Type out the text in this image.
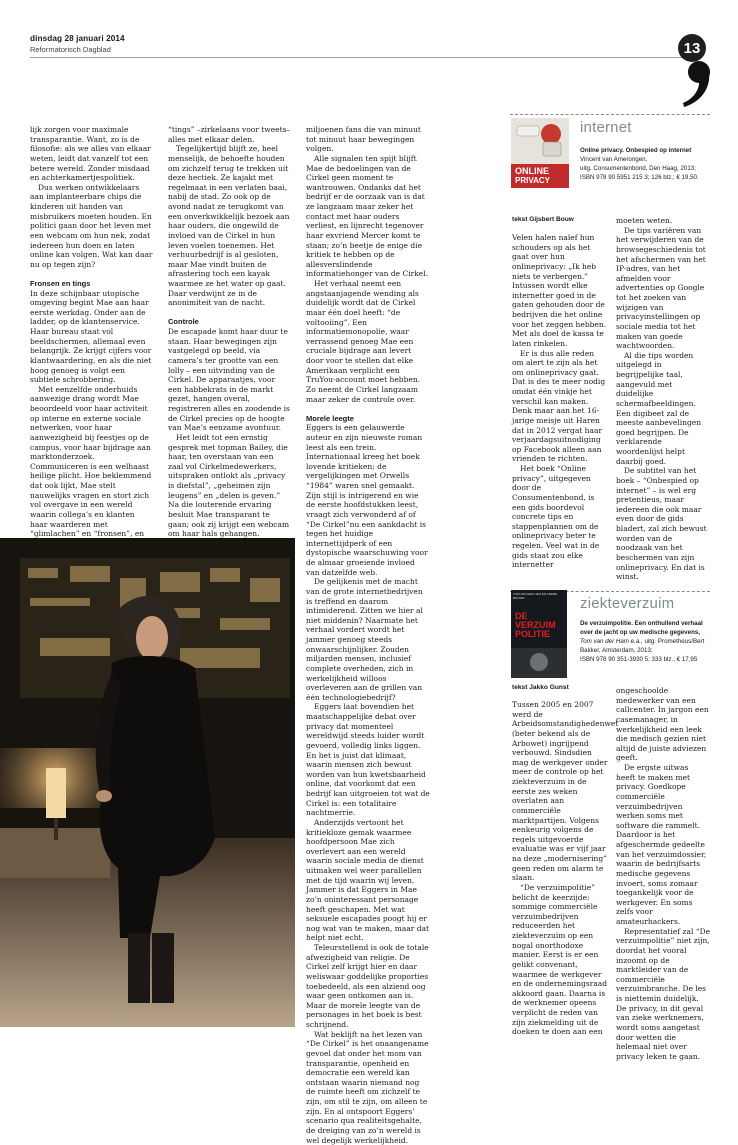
dinsdag 28 januari 2014
Reformatorisch Dagblad	13

lijk zorgen voor maximale transparantie. Want, zo is de filosofie: als we alles van elkaar weten, leidt dat vanzelf tot een betere wereld. Zonder misdaad en achterkamertjespolitiek.

Dus werken ontwikkelaars aan implanteerbare chips die kinderen uit handen van misbruikers moeten houden. En politici gaan door het leven met een webcam om hun nek, zodat iedereen hun doen en laten online kan volgen. Wat kan daar nu op tegen zijn?

Fronsen en tings

In deze schijnbaar utopische omgeving begint Mae aan haar eerste werkdag. Onder aan de ladder, op de klantenservice. Haar bureau staat vol beeldschermen, allemaal even belangrijk. Ze krijgt cijfers voor klantwaardering, en als die niet hoog genoeg is volgt een subtiele schrobbering.

Met eenzelfde onderhuids aanwezige drang wordt Mae beoordeeld voor haar activiteit op interne en externe sociale netwerken, voor haar aanwezigheid bij feestjes op de campus, voor haar bijdrage aan marktonderzoek. Communiceren is een welhaast heilige plicht. Hoe beklemmend dat ook lijkt, Mae stelt nauwelijks vragen en stort zich vol overgave in een wereld waarin collega’s en klanten haar waarderen met “glimlachen” en “fronsen”, en

“tings” –zirkelaans voor tweets– alles met elkaar delen.

Tegelijkertijd blijft ze, heel menselijk, de behoefte houden om zichzelf terug te trekken uit deze hectiek. Ze kajakt met regelmaat in een verlaten baai, nabij de stad. Zo ook op de avond nadat ze terugkomt van een onverkwikkelijk bezoek aan haar ouders, die ongewild de invloed van de Cirkel in hun leven voelen toenemen. Het verhuurbedrijf is al gesloten, maar Mae vindt buiten de afrastering toch een kayak waarmee ze het water op gaat. Daar verdwijnt ze in de anonimiteit van de nacht.

Controle

De escapade komt haar duur te staan. Haar bewegingen zijn vastgelegd op beeld, via camera’s ter grootte van een lolly – een uitvinding van de Cirkel. De apparaatjes, voor een habbekrats in de markt gezet, hangen overal, registreren alles en zoodende is de Cirkel precies op de hoogte van Mae’s eenzame avontuur.

Het leidt tot een ernstig gesprek met topman Bailey, die haar, ten overstaan van een zaal vol Cirkelmedewerkers, uitspraken ontlokt als „privacy is diefstal”, „geheimen zijn leugens” en „delen is geven.” Na die louterende ervaring besluit Mae transparant te gaan; ook zij krijgt een webcam om haar hals gehangen.

miljoenen fans die van minuut tot minuut haar bewegingen volgen.

Alle signalen ten spijt blijft Mae de bedoelingen van de Cirkel geen moment te wantrouwen. Ondanks dat het bedrijf er de oorzaak van is dat ze langzaam maar zeker het contact met haar ouders verliest, en lijnrecht tegenover haar exvriend Mercer komt te staan; zo’n beetje de enige die kritiek te hebben op de allesverslindende informatiehonger van de Cirkel.

Het verhaal neemt een angstaanjagende wending als duidelijk wordt dat de Cirkel maar één doel heeft: “de voltooiing”. Een informatiemonopolie, waar verrassend genoeg Mae een cruciale bijdrage aan levert door voor te stellen dat elke Amerikaan verplicht een TruYou-account moet hebben. Zo neemt de Cirkel langzaam maar zeker de controle over.

Morele leegte

Eggers is een gelauwerde auteur en zijn nieuwste roman leest als een trein. Internationaal kreeg het boek lovende kritieken; de vergelijkingen met Orwells “1984” waren snel gemaakt. Zijn stijl is intrigerend en wie de eerste hoofdstukken leest, vraagt zich verwonderd af of “De Cirkel”nu een aankdacht is tegen het huidige internettijdperk of een dystopische waarschuwing voor de almaar groeiende invloed van datzelfde web.

De gelijkenis met de macht van de grote internetbedrijven is treffend en daarom intimiderend. Zitten we hier al niet middenin? Naarmate het verhaal vordert wordt het jammer genoeg steeds onwaarschijnlijker. Zouden miljarden mensen, inclusief complete overheden, zich in werkelijkheid willoos overleveren aan de grillen van één technologiebedrijf?

Eggers laat bovendien het maatschappelijke debat over privacy dat momenteel wereldwijd steeds luider wordt gevoerd, volledig links liggen. En het is juist dat klimaat, waarin mensen zich bewust worden van hun kwetsbaarheid online, dat voorkomt dat een bedrijf kan uitgroeien tot wat de Cirkel is: een totalitaire nachtmerrie.

Anderzijds vertoont het kritiekloze gemak waarmee hoofdpersoon Mae zich overlevert aan een wereld waarin sociale media de dienst uitmaken wel weer parallellen met de tijd waarin wij leven. Jammer is dat Eggers in Mae zo’n oninteressant personage heeft geschapen. Met wat seksuele escapades poogt hij er nog wat van te maken, maar dat helpt niet echt.

Teleurstellend is ook de totale afwezigheid van religie. De Cirkel zelf krijgt hier en daar weliswaar goddelijke proporties toebedeeld, als een alziend oog waar geen ontkomen aan is. Maar de morele leegte van de personages in het boek is best schrijnend.

Wat beklijft na het lezen van “De Cirkel” is het onaangename gevoel dat onder het mom van transparantie, openheid en democratie een wereld kan ontstaan waarin niemand nog de ruimte heeft om zichzelf te zijn, om stil te zijn, om alleen te zijn. En al ontspoort Eggers’ scenario qua realiteitsgehalte, de dreiging van zo’n wereld is wel degelijk werkelijkheid.

ONLINE
PRIVACY
internet
Online privacy. Onbespied op internet
Vincent van Amerongen,
uitg. Consumentenbond, Den Haag, 2013;
ISBN 978 90 5951 215 3; 126 blz.; € 19,50.
tekst Gijsbert Bouw

Velen halen naïef hun schouders op als het gaat over hun onlineprivacy: „Ik heb niets te verbergen.” Intussen wordt elke internetter goed in de gaten gehouden door de bedrijven die het online voor het zeggen hebben. Met als doel de kassa te laten rinkelen.

Er is dus alle reden om alert te zijn als het om onlineprivacy gaat. Dat is des te meer nodig omdat één vinkje het verschil kan maken. Denk maar aan het 16-jarige meisje uit Haren dat in 2012 vergat haar verjaardagsuitnodiging op Facebook alleen aan vrienden te richten.

Het boek “Online privacy”, uitgegeven door de Consumentenbond, is een gids boordevol concrete tips en stappenplannen om de onlineprivacy beter te regelen. Veel wat in de gids staat zou elke internetter

moeten weten.

De tips variëren van het verwijderen van de browsegeschiedenis tot het afschermen van het IP-adres, van het afmelden voor advertenties op Google tot het zoeken van wijzigen van privacyinstellingen op sociale media tot het maken van goede wachtwoorden.

Al die tips worden uitgelegd in begrijpelijke taal, aangevuld met duidelijke schermafbeeldingen. Een digibeet zal de meeste aanbevelingen goed begrijpen. De verklarende woordenlijst helpt daarbij goed.

De subtitel van het boek – “Onbespied op internet” – is wel erg pretentieus, maar iedereen die ook maar even door de gids bladert, zal zich bewust worden van de noodzaak van het beschermen van zijn onlineprivacy. En dat is winst.

TOM VAN DER HAM EN ANDRE BOUWS
DE VERZUIM POLITIE
ziekteverzuim
De verzuimpolitie. Een onthullend verhaal over de jacht op uw medische gegevens, Tom van der Ham e.a., uitg. Prometheus/Bert Bakker, Amsterdam, 2013;
ISBN 978 90 351-3930 5; 333 blz.; € 17,95
tekst Jakko Gunst

Tussen 2005 en 2007 werd de Arbeidsomstandighedenwet (beter bekend als de Arbowet) ingrijpend verbouwd. Sindsdien mag de werkgever onder meer de controle op het ziekteverzuim in de eerste zes weken overlaten aan commerciële marktpartijen. Volgens eenkeurig volgens de regels uitgevoerde evaluatie was er vijf jaar na deze „modernisering” geen reden om alarm te slaan.

“De verzuimpolitie” belicht de keerzijde: sommige commerciële verzuimbedrijven reduceerden het ziekteverzuim op een nogal onorthodoxe manier. Eerst is er een gelikt convenant, waarmee de werkgever en de ondernemingsraad akkoord gaan. Daarna is de werknemer opeens verplicht de reden van zijn ziekmelding uit de doeken te doen aan een

ongeschoolde medewerker van een callcenter. In jargon een casemanager, in werkelijkheid een leek die medisch gezien niet altijd de juiste adviezen geeft.

De ergste uitwas heeft te maken met privacy. Goedkope commerciële verzuimbedrijven werken soms met software die rammelt. Daardoor is het afgeschermde gedeelte van het verzuimdossier, waarin de bedrijfsarts medische gegevens invoert, soms zomaar toegankelijk voor de werkgever. En soms zelfs voor amateurhackers.

Representatief zal “De verzuimpolitie” niet zijn, doordat het vooral inzoomt op de marktleider van de commerciële verzuimbranche. De les is niettemin duidelijk. De privacy, in dit geval van zieke werknemers, wordt soms aangetast door wetten die helemaal niet over privacy leken te gaan.
